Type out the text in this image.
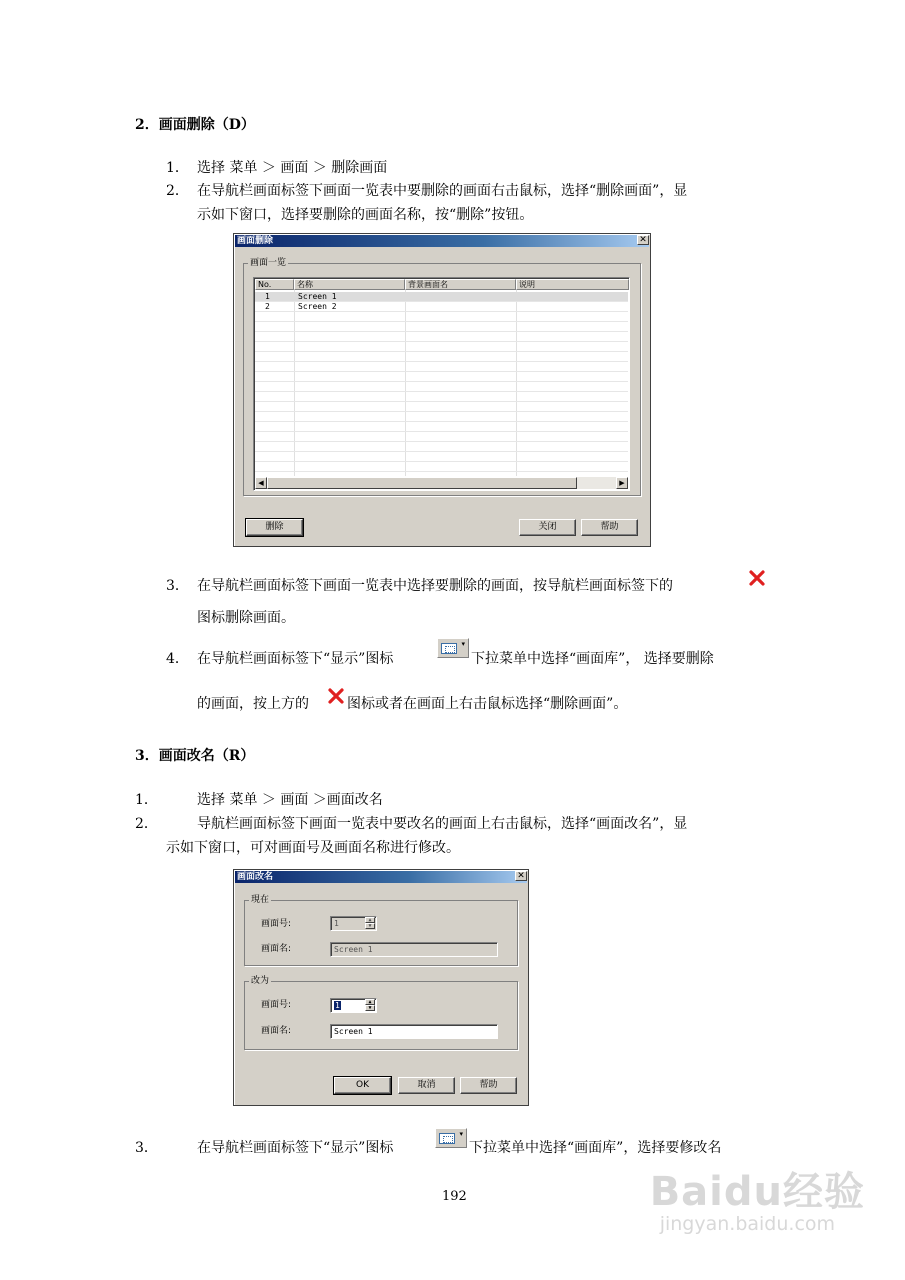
2．画面删除（D）
1． 选择 菜单 ＞ 画面 ＞ 删除画面
2． 在导航栏画面标签下画面一览表中要删除的画面右击鼠标，选择“删除画面”，显
示如下窗口，选择要删除的画面名称，按“删除”按钮。
画面删除	✕
画面一览
No.	名称	背景画面名	说明
1	Screen 1
2	Screen 2
◀	▶
删除	关闭	帮助
3． 在导航栏画面标签下画面一览表中选择要删除的画面，按导航栏画面标签下的
图标删除画面。
4． 在导航栏画面标签下“显示”图标
▾
下拉菜单中选择“画面库”， 选择要删除
的画面，按上方的	图标或者在画面上右击鼠标选择“删除画面”。
3．画面改名（R）
1．	选择 菜单 ＞ 画面 ＞画面改名
2．	导航栏画面标签下画面一览表中要改名的画面上右击鼠标，选择“画面改名”，显
示如下窗口，可对画面号及画面名称进行修改。
画面改名	✕
現在
画面号:	1	▲
▼
画面名:	Screen 1
改为
画面号:	1	▲
▼
画面名:	Screen 1
OK	取消	帮助
3．	在导航栏画面标签下“显示”图标
▾
下拉菜单中选择“画面库”，选择要修改名
192	Baidu经验
jingyan.baidu.com
